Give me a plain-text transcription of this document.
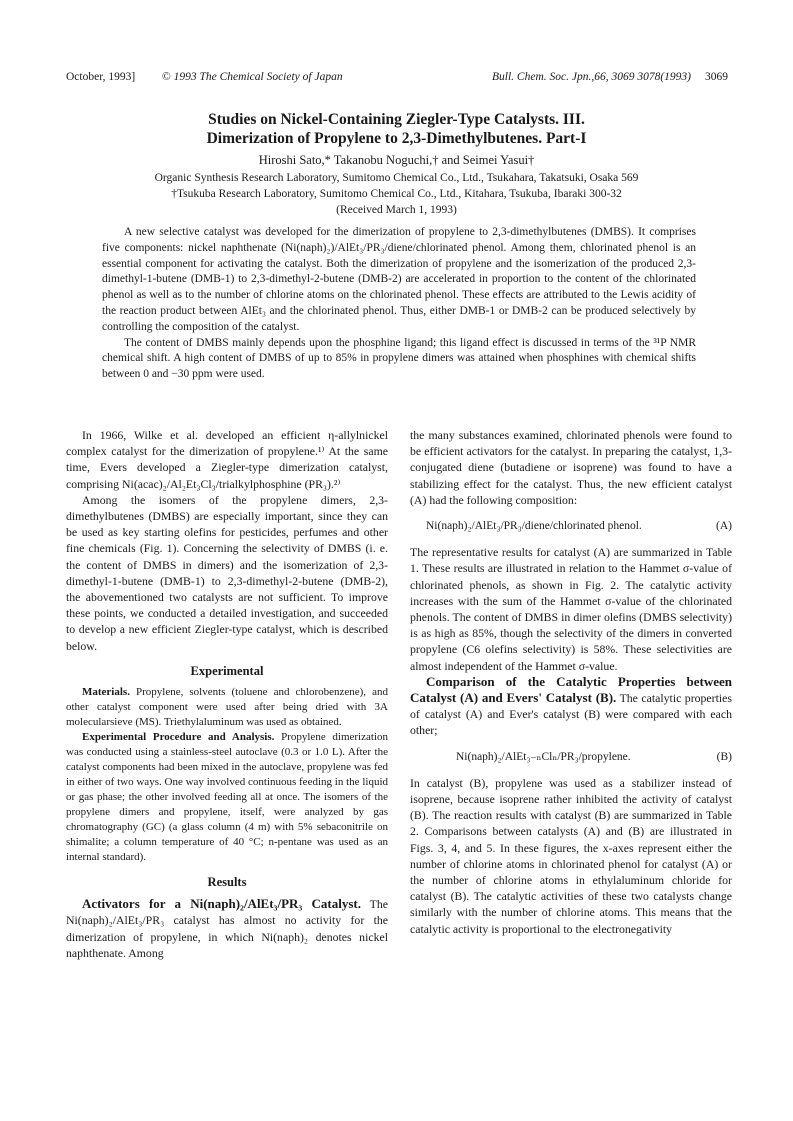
October, 1993] © 1993 The Chemical Society of Japan	Bull. Chem. Soc. Jpn.,66, 3069 3078(1993) 3069
Studies on Nickel-Containing Ziegler-Type Catalysts. III.
Dimerization of Propylene to 2,3-Dimethylbutenes. Part-I
Hiroshi Sato,* Takanobu Noguchi,† and Seimei Yasui†
Organic Synthesis Research Laboratory, Sumitomo Chemical Co., Ltd., Tsukahara, Takatsuki, Osaka 569
†Tsukuba Research Laboratory, Sumitomo Chemical Co., Ltd., Kitahara, Tsukuba, Ibaraki 300-32
(Received March 1, 1993)

A new selective catalyst was developed for the dimerization of propylene to 2,3-dimethylbutenes (DMBS). It comprises five components: nickel naphthenate (Ni(naph)₂)/AlEt₃/PR₃/diene/chlorinated phenol. Among them, chlorinated phenol is an essential component for activating the catalyst. Both the dimerization of propylene and the isomerization of the produced 2,3-dimethyl-1-butene (DMB-1) to 2,3-dimethyl-2-butene (DMB-2) are accelerated in proportion to the content of the chlorinated phenol as well as to the number of chlorine atoms on the chlorinated phenol. These effects are attributed to the Lewis acidity of the reaction product between AlEt₃ and the chlorinated phenol. Thus, either DMB-1 or DMB-2 can be produced selectively by controlling the composition of the catalyst.

The content of DMBS mainly depends upon the phosphine ligand; this ligand effect is discussed in terms of the ³¹P NMR chemical shift. A high content of DMBS of up to 85% in propylene dimers was attained when phosphines with chemical shifts between 0 and −30 ppm were used.

In 1966, Wilke et al. developed an efficient η-allylnickel complex catalyst for the dimerization of propylene.¹⁾ At the same time, Evers developed a Ziegler-type dimerization catalyst, comprising Ni(acac)₂/Al₂Et₃Cl₃/trialkylphosphine (PR₃).²⁾

Among the isomers of the propylene dimers, 2,3-dimethylbutenes (DMBS) are especially important, since they can be used as key starting olefins for pesticides, perfumes and other fine chemicals (Fig. 1). Concerning the selectivity of DMBS (i. e. the content of DMBS in dimers) and the isomerization of 2,3-dimethyl-1-butene (DMB-1) to 2,3-dimethyl-2-butene (DMB-2), the abovementioned two catalysts are not sufficient. To improve these points, we conducted a detailed investigation, and succeeded to develop a new efficient Ziegler-type catalyst, which is described below.

Experimental

Materials. Propylene, solvents (toluene and chlorobenzene), and other catalyst component were used after being dried with 3A molecularsieve (MS). Triethylaluminum was used as obtained.

Experimental Procedure and Analysis. Propylene dimerization was conducted using a stainless-steel autoclave (0.3 or 1.0 L). After the catalyst components had been mixed in the autoclave, propylene was fed in either of two ways. One way involved continuous feeding in the liquid or gas phase; the other involved feeding all at once. The isomers of the propylene dimers and propylene, itself, were analyzed by gas chromatography (GC) (a glass column (4 m) with 5% sebaconitrile on shimalite; a column temperature of 40 °C; n-pentane was used as an internal standard).

Results

Activators for a Ni(naph)₂/AlEt₃/PR₃ Catalyst. The Ni(naph)₂/AlEt₃/PR₃ catalyst has almost no activity for the dimerization of propylene, in which Ni(naph)₂ denotes nickel naphthenate. Among

the many substances examined, chlorinated phenols were found to be efficient activators for the catalyst. In preparing the catalyst, 1,3-conjugated diene (butadiene or isoprene) was found to have a stabilizing effect for the catalyst. Thus, the new efficient catalyst (A) had the following composition:

Ni(naph)₂/AlEt₃/PR₃/diene/chlorinated phenol.	(A)

The representative results for catalyst (A) are summarized in Table 1. These results are illustrated in relation to the Hammet σ-value of chlorinated phenols, as shown in Fig. 2. The catalytic activity increases with the sum of the Hammet σ-value of the chlorinated phenols. The content of DMBS in dimer olefins (DMBS selectivity) is as high as 85%, though the selectivity of the dimers in converted propylene (C6 olefins selectivity) is 58%. These selectivities are almost independent of the Hammet σ-value.

Comparison of the Catalytic Properties between Catalyst (A) and Evers' Catalyst (B). The catalytic properties of catalyst (A) and Ever's catalyst (B) were compared with each other;

Ni(naph)₂/AlEt₃₋ₙClₙ/PR₃/propylene.	(B)

In catalyst (B), propylene was used as a stabilizer instead of isoprene, because isoprene rather inhibited the activity of catalyst (B). The reaction results with catalyst (B) are summarized in Table 2. Comparisons between catalysts (A) and (B) are illustrated in Figs. 3, 4, and 5. In these figures, the x-axes represent either the number of chlorine atoms in chlorinated phenol for catalyst (A) or the number of chlorine atoms in ethylaluminum chloride for catalyst (B). The catalytic activities of these two catalysts change similarly with the number of chlorine atoms. This means that the catalytic activity is proportional to the electronegativity
